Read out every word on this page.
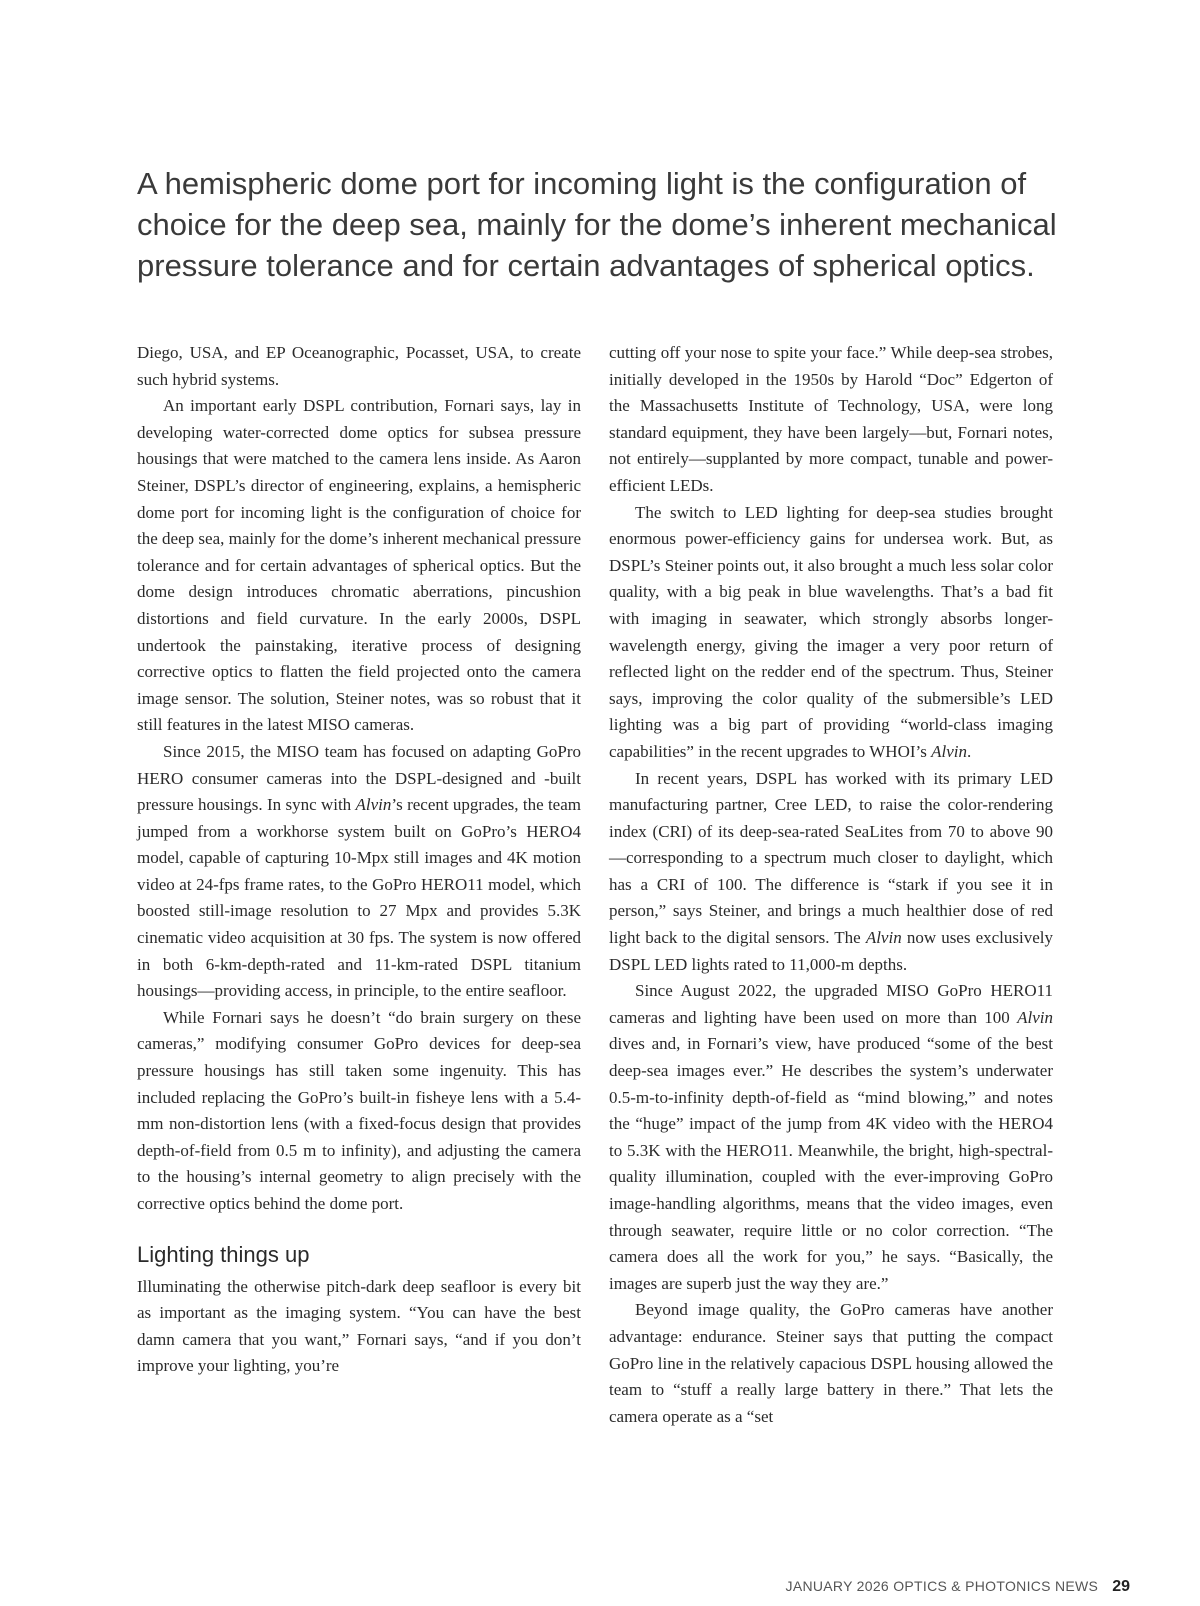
A hemispheric dome port for incoming light is the configuration of choice for the deep sea, mainly for the dome’s inherent mechanical pressure tolerance and for certain advantages of spherical optics.

Diego, USA, and EP Oceanographic, Pocasset, USA, to create such hybrid systems.

An important early DSPL contribution, Fornari says, lay in developing water-corrected dome optics for subsea pressure housings that were matched to the camera lens inside. As Aaron Steiner, DSPL’s director of engineering, explains, a hemispheric dome port for incoming light is the configuration of choice for the deep sea, mainly for the dome’s inherent mechanical pressure tolerance and for certain advantages of spherical optics. But the dome design introduces chromatic aberrations, pincushion distortions and field curvature. In the early 2000s, DSPL undertook the painstaking, iterative process of designing corrective optics to flatten the field projected onto the camera image sensor. The solution, Steiner notes, was so robust that it still features in the latest MISO cameras.

Since 2015, the MISO team has focused on adapting GoPro HERO consumer cameras into the DSPL-designed and -built pressure housings. In sync with Alvin’s recent upgrades, the team jumped from a workhorse system built on GoPro’s HERO4 model, capable of capturing 10-Mpx still images and 4K motion video at 24-fps frame rates, to the GoPro HERO11 model, which boosted still-image resolution to 27 Mpx and provides 5.3K cinematic video acquisition at 30 fps. The system is now offered in both 6-km-depth-rated and 11-km-rated DSPL titanium housings—providing access, in principle, to the entire seafloor.

While Fornari says he doesn’t “do brain surgery on these cameras,” modifying consumer GoPro devices for deep-sea pressure housings has still taken some ingenuity. This has included replacing the GoPro’s built-in fisheye lens with a 5.4-mm non-distortion lens (with a fixed-focus design that provides depth-of-field from 0.5 m to infinity), and adjusting the camera to the housing’s internal geometry to align precisely with the corrective optics behind the dome port.

Lighting things up

Illuminating the otherwise pitch-dark deep seafloor is every bit as important as the imaging system. “You can have the best damn camera that you want,” Fornari says, “and if you don’t improve your lighting, you’re

cutting off your nose to spite your face.” While deep-sea strobes, initially developed in the 1950s by Harold “Doc” Edgerton of the Massachusetts Institute of Technology, USA, were long standard equipment, they have been largely—but, Fornari notes, not entirely—supplanted by more compact, tunable and power-efficient LEDs.

The switch to LED lighting for deep-sea studies brought enormous power-efficiency gains for undersea work. But, as DSPL’s Steiner points out, it also brought a much less solar color quality, with a big peak in blue wavelengths. That’s a bad fit with imaging in seawater, which strongly absorbs longer-wavelength energy, giving the imager a very poor return of reflected light on the redder end of the spectrum. Thus, Steiner says, improving the color quality of the submersible’s LED lighting was a big part of providing “world-class imaging capabilities” in the recent upgrades to WHOI’s Alvin.

In recent years, DSPL has worked with its primary LED manufacturing partner, Cree LED, to raise the color-rendering index (CRI) of its deep-sea-rated SeaLites from 70 to above 90—corresponding to a spectrum much closer to daylight, which has a CRI of 100. The difference is “stark if you see it in person,” says Steiner, and brings a much healthier dose of red light back to the digital sensors. The Alvin now uses exclusively DSPL LED lights rated to 11,000-m depths.

Since August 2022, the upgraded MISO GoPro HERO11 cameras and lighting have been used on more than 100 Alvin dives and, in Fornari’s view, have produced “some of the best deep-sea images ever.” He describes the system’s underwater 0.5-m-to-infinity depth-of-field as “mind blowing,” and notes the “huge” impact of the jump from 4K video with the HERO4 to 5.3K with the HERO11. Meanwhile, the bright, high-spectral-quality illumination, coupled with the ever-improving GoPro image-handling algorithms, means that the video images, even through seawater, require little or no color correction. “The camera does all the work for you,” he says. “Basically, the images are superb just the way they are.”

Beyond image quality, the GoPro cameras have another advantage: endurance. Steiner says that putting the compact GoPro line in the relatively capacious DSPL housing allowed the team to “stuff a really large battery in there.” That lets the camera operate as a “set

JANUARY 2026 OPTICS & PHOTONICS NEWS 29
